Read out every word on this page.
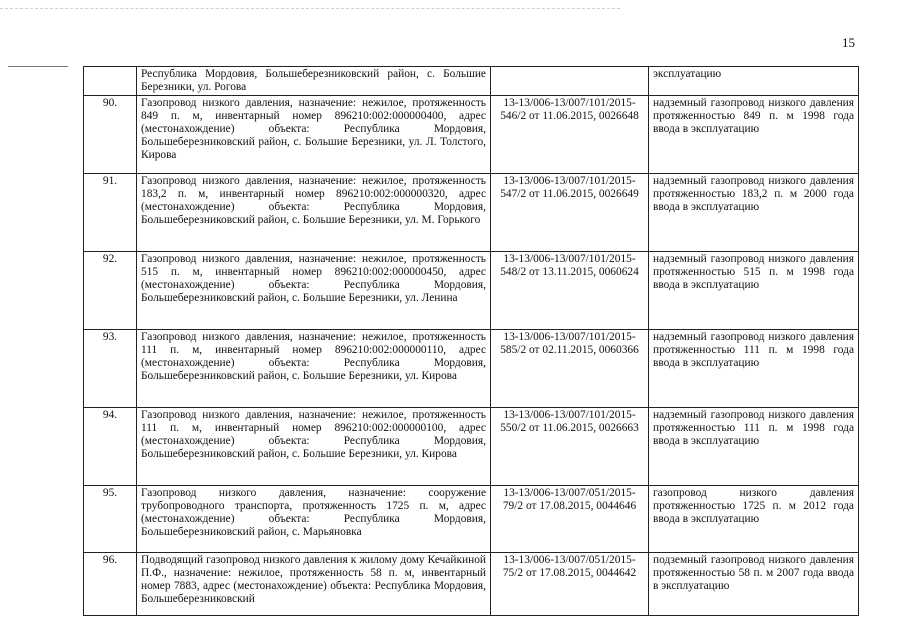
15
	Республика Мордовия, Большеберезниковский район, с. Большие Березники, ул. Рогова		эксплуатацию
90.	Газопровод низкого давления, назначение: нежилое, протяженность 849 п. м, инвентарный номер 896210:002:000000400, адрес (местонахождение) объекта: Республика Мордовия, Большеберезниковский район, с. Большие Березники, ул. Л. Толстого, Кирова	13-13/006-13/007/101/2015-546/2 от 11.06.2015, 0026648	надземный газопровод низкого давления протяженностью 849 п. м 1998 года ввода в эксплуатацию
91.	Газопровод низкого давления, назначение: нежилое, протяженность 183,2 п. м, инвентарный номер 896210:002:000000320, адрес (местонахождение) объекта: Республика Мордовия, Большеберезниковский район, с. Большие Березники, ул. М. Горького	13-13/006-13/007/101/2015-547/2 от 11.06.2015, 0026649	надземный газопровод низкого давления протяженностью 183,2 п. м 2000 года ввода в эксплуатацию
92.	Газопровод низкого давления, назначение: нежилое, протяженность 515 п. м, инвентарный номер 896210:002:000000450, адрес (местонахождение) объекта: Республика Мордовия, Большеберезниковский район, с. Большие Березники, ул. Ленина	13-13/006-13/007/101/2015-548/2 от 13.11.2015, 0060624	надземный газопровод низкого давления протяженностью 515 п. м 1998 года ввода в эксплуатацию
93.	Газопровод низкого давления, назначение: нежилое, протяженность 111 п. м, инвентарный номер 896210:002:000000110, адрес (местонахождение) объекта: Республика Мордовия, Большеберезниковский район, с. Большие Березники, ул. Кирова	13-13/006-13/007/101/2015-585/2 от 02.11.2015, 0060366	надземный газопровод низкого давления протяженностью 111 п. м 1998 года ввода в эксплуатацию
94.	Газопровод низкого давления, назначение: нежилое, протяженность 111 п. м, инвентарный номер 896210:002:000000100, адрес (местонахождение) объекта: Республика Мордовия, Большеберезниковский район, с. Большие Березники, ул. Кирова	13-13/006-13/007/101/2015-550/2 от 11.06.2015, 0026663	надземный газопровод низкого давления протяженностью 111 п. м 1998 года ввода в эксплуатацию
95.	Газопровод низкого давления, назначение: сооружение трубопроводного транспорта, протяженность 1725 п. м, адрес (местонахождение) объекта: Республика Мордовия, Большеберезниковский район, с. Марьяновка	13-13/006-13/007/051/2015-79/2 от 17.08.2015, 0044646	газопровод низкого давления протяженностью 1725 п. м 2012 года ввода в эксплуатацию
96.	Подводящий газопровод низкого давления к жилому дому Кечайкиной П.Ф., назначение: нежилое, протяженность 58 п. м, инвентарный номер 7883, адрес (местонахождение) объекта: Республика Мордовия, Большеберезниковский	13-13/006-13/007/051/2015-75/2 от 17.08.2015, 0044642	подземный газопровод низкого давления протяженностью 58 п. м 2007 года ввода в эксплуатацию
